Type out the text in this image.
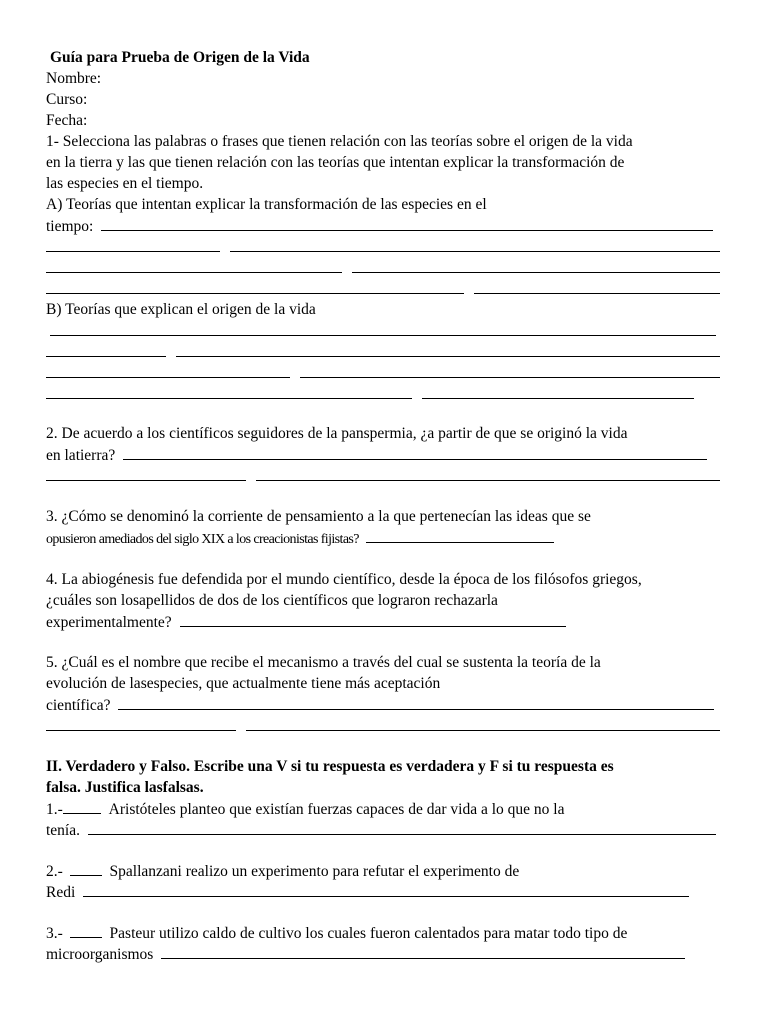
Guía para Prueba de Origen de la Vida
Nombre:
Curso:
Fecha:
1- Selecciona las palabras o frases que tienen relación con las teorías sobre el origen de la vida
en la tierra y las que tienen relación con las teorías que intentan explicar la transformación de
las especies en el tiempo.
A) Teorías que intentan explicar la transformación de las especies en el
tiempo:

B) Teorías que explican el origen de la vida

2. De acuerdo a los científicos seguidores de la panspermia, ¿a partir de que se originó la vida
en latierra?

3. ¿Cómo se denominó la corriente de pensamiento a la que pertenecían las ideas que se
opusieron amediados del siglo XIX a los creacionistas fijistas?
4. La abiogénesis fue defendida por el mundo científico, desde la época de los filósofos griegos,
¿cuáles son losapellidos de dos de los científicos que lograron rechazarla
experimentalmente?
5. ¿Cuál es el nombre que recibe el mecanismo a través del cual se sustenta la teoría de la
evolución de lasespecies, que actualmente tiene más aceptación
científica?

II. Verdadero y Falso. Escribe una V si tu respuesta es verdadera y F si tu respuesta es
falsa. Justifica lasfalsas.
1.-	Aristóteles planteo que existían fuerzas capaces de dar vida a lo que no la
tenía.
2.-	Spallanzani realizo un experimento para refutar el experimento de
Redi
3.-	Pasteur utilizo caldo de cultivo los cuales fueron calentados para matar todo tipo de
microorganismos
